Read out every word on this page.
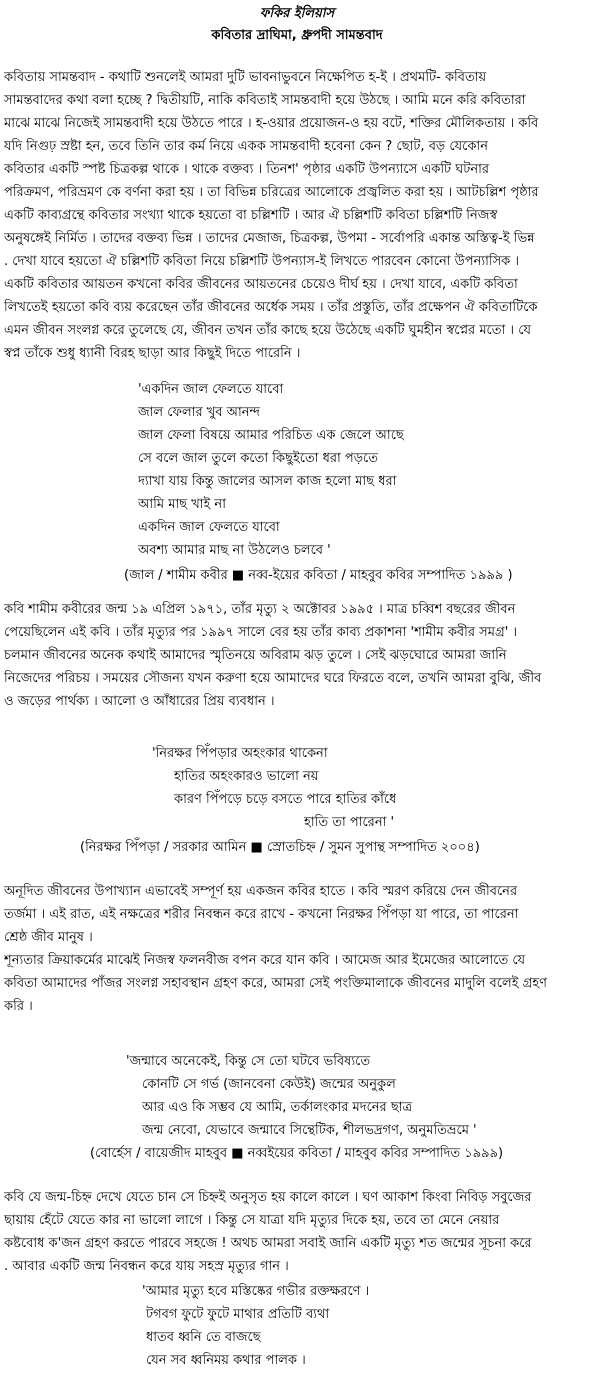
ফকির ইলিয়াস
কবিতার দ্রাঘিমা, ধ্রুপদী সামন্তবাদ
কবিতায় সামন্তবাদ - কথাটি শুনলেই আমরা দুটি ভাবনাভুবনে নিক্ষেপিত হ-ই । প্রথমটি- কবিতায়
সামন্তবাদের কথা বলা হচ্ছে ? দ্বিতীয়টি, নাকি কবিতাই সামন্তবাদী হয়ে উঠছে । আমি মনে করি কবিতারা
মাঝে মাঝে নিজেই সামন্তবাদী হয়ে উঠতে পারে । হ-ওয়ার প্রয়োজন-ও হয় বটে, শক্তির মৌলিকতায় । কবি
যদি নিগুঢ় স্রষ্টা হন, তবে তিনি তার কর্ম নিয়ে একক সামন্তবাদী হবেনা কেন ? ছোট, বড় যেকোন
কবিতার একটি স্পষ্ট চিত্রকল্প থাকে । থাকে বক্তব্য । তিনশ' পৃষ্ঠার একটি উপন্যাসে একটি ঘটনার
পরিক্রমণ, পরিভ্রমণ কে বর্ণনা করা হয় । তা বিভিন্ন চরিত্রের আলোকে প্রজ্বলিত করা হয় । আটচল্লিশ পৃষ্ঠার
একটি কাব্যগ্রন্থে কবিতার সংখ্যা থাকে হয়তো বা চল্লিশটি । আর ঐ চল্লিশটি কবিতা চল্লিশটি নিজস্ব
অনুষঙ্গেই নির্মিত । তাদের বক্তব্য ভিন্ন । তাদের মেজাজ, চিত্রকল্প, উপমা - সর্বোপরি একান্ত অস্তিত্ব-ই ভিন্ন
. দেখা যাবে হয়তো ঐ চল্লিশটি কবিতা নিয়ে চল্লিশটি উপন্যাস-ই লিখতে পারবেন কোনো উপন্যাসিক ।
একটি কবিতার আয়তন কখনো কবির জীবনের আয়তনের চেয়েও দীর্ঘ হয় । দেখা যাবে, একটি কবিতা
লিখতেই হয়তো কবি ব্যয় করেছেন তাঁর জীবনের অর্ধেক সময় । তাঁর প্রস্তুতি, তাঁর প্রক্ষেপন ঐ কবিতাটিকে
এমন জীবন সংলগ্ন করে তুলেছে যে, জীবন তখন তাঁর কাছে হয়ে উঠেছে একটি ঘুমহীন স্বপ্নের মতো । যে
স্বপ্ন তাঁকে শুধু ধ্যানী বিরহ ছাড়া আর কিছুই দিতে পারেনি ।
'একদিন জাল ফেলতে যাবো
জাল ফেলার খুব আনন্দ
জাল ফেলা বিষয়ে আমার পরিচিত এক জেলে আছে
সে বলে জাল তুলে কতো কিছুইতো ধরা পড়তে
দ্যাখা যায় কিন্তু জালের আসল কাজ হলো মাছ ধরা
আমি মাছ খাই না
একদিন জাল ফেলতে যাবো
অবশ্য আমার মাছ না উঠলেও চলবে '
(জাল / শামীম কবীর ■ নব্ব-ইয়ের কবিতা / মাহবুব কবির সম্পাদিত ১৯৯৯ )
কবি শামীম কবীরের জন্ম ১৯ এপ্রিল ১৯৭১, তাঁর মৃত্যু ২ অক্টোবর ১৯৯৫ । মাত্র চব্বিশ বছরের জীবন
পেয়েছিলেন এই কবি । তাঁর মৃত্যুর পর ১৯৯৭ সালে বের হয় তাঁর কাব্য প্রকাশনা 'শামীম কবীর সমগ্র' ।
চলমান জীবনের অনেক কথাই আমাদের স্মৃতিনয়ে অবিরাম ঝড় তুলে । সেই ঝড়ঘোরে আমরা জানি
নিজেদের পরিচয় । সময়ের সৌজন্য যখন করুণা হয়ে আমাদের ঘরে ফিরতে বলে, তখনি আমরা বুঝি, জীব
ও জড়ের পার্থক্য । আলো ও আঁধারের প্রিয় ব্যবধান ।
'নিরক্ষর পিঁপড়ার অহংকার থাকেনা
হাতির অহংকারও ভালো নয়
কারণ পিঁপড়ে চড়ে বসতে পারে হাতির কাঁধে
হাতি তা পারেনা '
(নিরক্ষর পিঁপড়া / সরকার আমিন ■ স্রোতচিহ্ন / সুমন সুপান্থ সম্পাদিত ২০০৪)
অনূদিত জীবনের উপাখ্যান এভাবেই সম্পূর্ণ হয় একজন কবির হাতে । কবি স্মরণ করিয়ে দেন জীবনের
তর্জমা । এই রাত, এই নক্ষত্রের শরীর নিবন্ধন করে রাখে - কখনো নিরক্ষর পিঁপড়া যা পারে, তা পারেনা
শ্রেষ্ঠ জীব মানুষ ।
শূন্যতার ক্রিয়াকর্মের মাঝেই নিজস্ব ফলনবীজ বপন করে যান কবি । আমেজ আর ইমেজের আলোতে যে
কবিতা আমাদের পাঁজর সংলগ্ন সহাবস্থান গ্রহণ করে, আমরা সেই পংক্তিমালাকে জীবনের মাদুলি বলেই গ্রহণ
করি ।
'জন্মাবে অনেকেই, কিন্তু সে তো ঘটবে ভবিষ্যতে
কোনটি সে গর্ভ (জানবেনা কেউই) জন্মের অনুকুল
আর এও কি সম্ভব যে আমি, তর্কালংকার মদনের ছাত্র
জন্ম নেবো, যেভাবে জন্মাবে সিন্থেটিক, শীলভদ্রগণ, অনুমতিভ্রমে '
(বোর্হেস / বায়েজীদ মাহবুব ■ নব্বইয়ের কবিতা / মাহবুব কবির সম্পাদিত ১৯৯৯)
কবি যে জন্ম-চিহ্ন দেখে যেতে চান সে চিহ্নই অনুসৃত হয় কালে কালে । ঘণ আকাশ কিংবা নিবিড় সবুজের
ছায়ায় হেঁটে যেতে কার না ভালো লাগে । কিন্তু সে যাত্রা যদি মৃত্যুর দিকে হয়, তবে তা মেনে নেয়ার
কষ্টবোধ ক'জন গ্রহণ করতে পারবে সহজে ! অথচ আমরা সবাই জানি একটি মৃত্যু শত জন্মের সূচনা করে
. আবার একটি জন্ম নিবন্ধন করে যায় সহস্র মৃত্যুর গান ।
'আমার মৃত্যু হবে মস্তিষ্কের গভীর রক্তক্ষরণে ।
টগবগ ফুটে ফুটে মাথার প্রতিটি ব্যথা
ধাতব ধ্বনি তে বাজছে
যেন সব ধ্বনিময় কথার পালক ।
